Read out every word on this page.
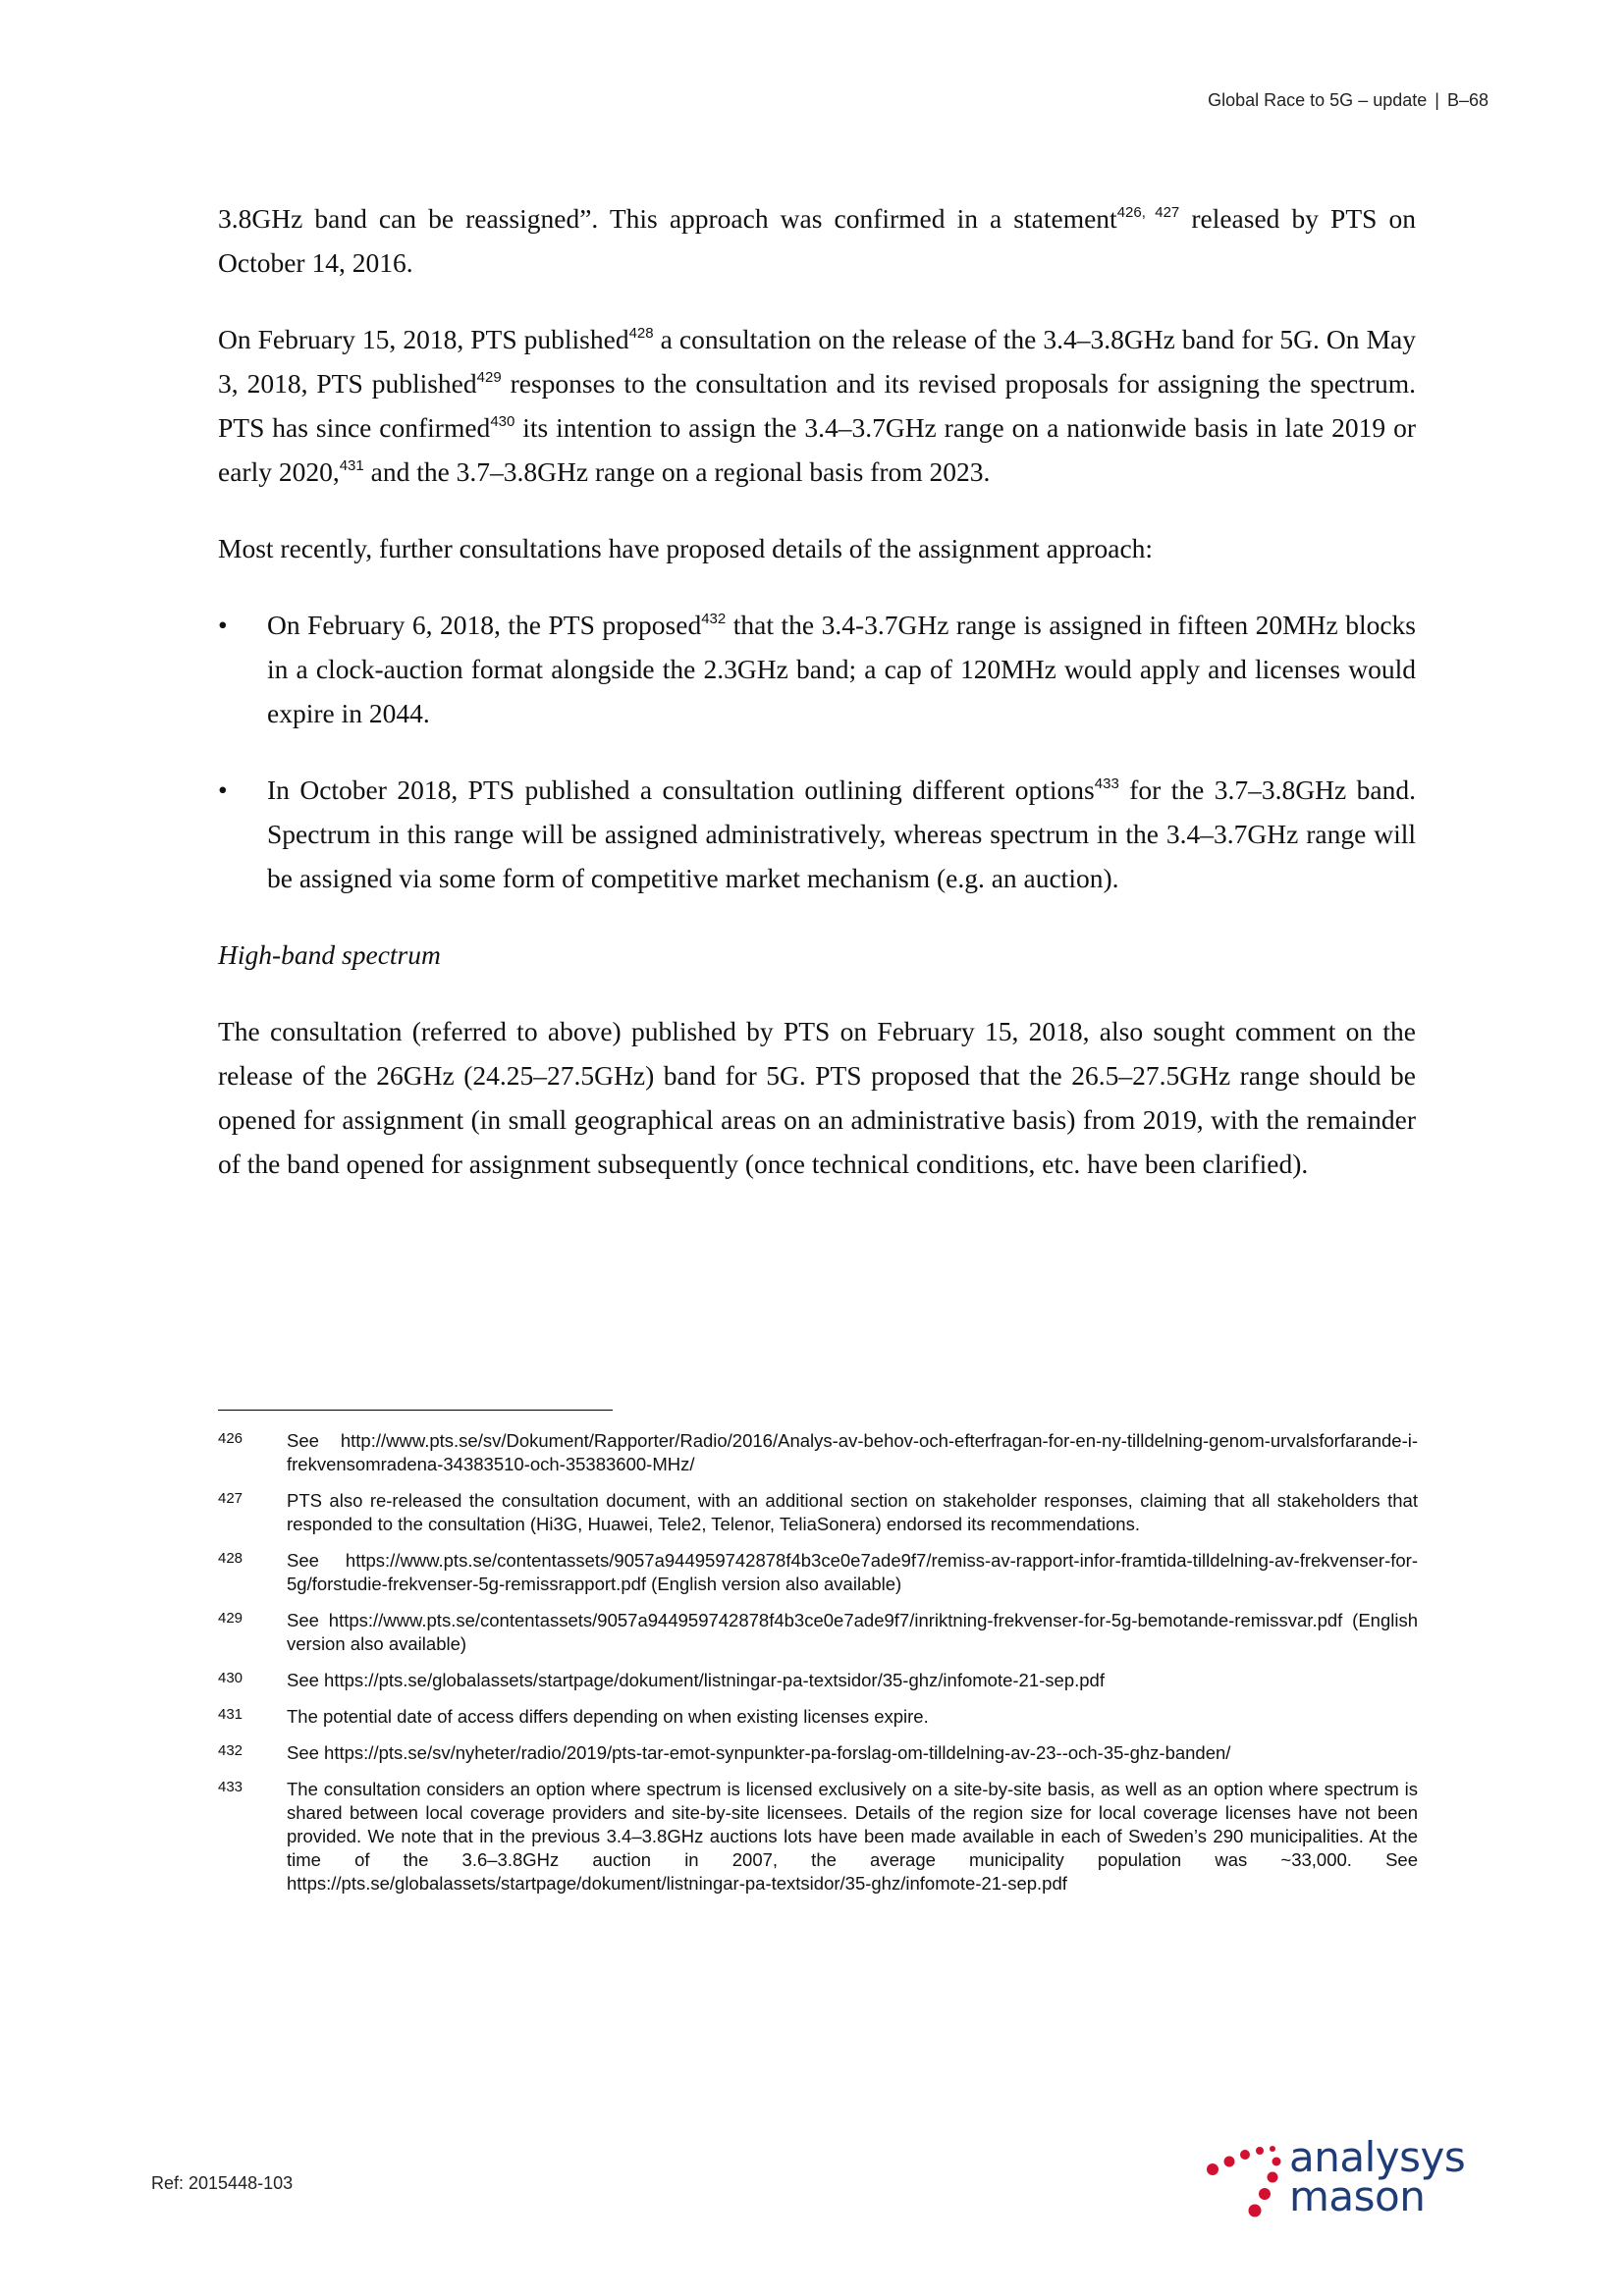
Global Race to 5G – update | B–68

3.8GHz band can be reassigned”. This approach was confirmed in a statement$^{426, 427}$ released by PTS on October 14, 2016.

On February 15, 2018, PTS published$^{428}$ a consultation on the release of the 3.4–3.8GHz band for 5G. On May 3, 2018, PTS published$^{429}$ responses to the consultation and its revised proposals for assigning the spectrum. PTS has since confirmed$^{430}$ its intention to assign the 3.4–3.7GHz range on a nationwide basis in late 2019 or early 2020,$^{431}$ and the 3.7–3.8GHz range on a regional basis from 2023.

Most recently, further consultations have proposed details of the assignment approach:

• On February 6, 2018, the PTS proposed$^{432}$ that the 3.4-3.7GHz range is assigned in fifteen 20MHz blocks in a clock-auction format alongside the 2.3GHz band; a cap of 120MHz would apply and licenses would expire in 2044.
• In October 2018, PTS published a consultation outlining different options$^{433}$ for the 3.7–3.8GHz band. Spectrum in this range will be assigned administratively, whereas spectrum in the 3.4–3.7GHz range will be assigned via some form of competitive market mechanism (e.g. an auction).

High-band spectrum

The consultation (referred to above) published by PTS on February 15, 2018, also sought comment on the release of the 26GHz (24.25–27.5GHz) band for 5G. PTS proposed that the 26.5–27.5GHz range should be opened for assignment (in small geographical areas on an administrative basis) from 2019, with the remainder of the band opened for assignment subsequently (once technical conditions, etc. have been clarified).

426	See http://www.pts.se/sv/Dokument/Rapporter/Radio/2016/Analys-av-behov-och-efterfragan-for-en-ny-tilldelning-genom-urvalsforfarande-i-frekvensomradena-34383510-och-35383600-MHz/
427	PTS also re-released the consultation document, with an additional section on stakeholder responses, claiming that all stakeholders that responded to the consultation (Hi3G, Huawei, Tele2, Telenor, TeliaSonera) endorsed its recommendations.
428	See https://www.pts.se/contentassets/9057a944959742878f4b3ce0e7ade9f7/remiss-av-rapport-infor-framtida-tilldelning-av-frekvenser-for-5g/forstudie-frekvenser-5g-remissrapport.pdf (English version also available)
429	See https://www.pts.se/contentassets/9057a944959742878f4b3ce0e7ade9f7/inriktning-frekvenser-for-5g-bemotande-remissvar.pdf (English version also available)
430	See https://pts.se/globalassets/startpage/dokument/listningar-pa-textsidor/35-ghz/infomote-21-sep.pdf
431	The potential date of access differs depending on when existing licenses expire.
432	See https://pts.se/sv/nyheter/radio/2019/pts-tar-emot-synpunkter-pa-forslag-om-tilldelning-av-23--och-35-ghz-banden/
433	The consultation considers an option where spectrum is licensed exclusively on a site-by-site basis, as well as an option where spectrum is shared between local coverage providers and site-by-site licensees. Details of the region size for local coverage licenses have not been provided. We note that in the previous 3.4–3.8GHz auctions lots have been made available in each of Sweden’s 290 municipalities. At the time of the 3.6–3.8GHz auction in 2007, the average municipality population was ~33,000. See https://pts.se/globalassets/startpage/dokument/listningar-pa-textsidor/35-ghz/infomote-21-sep.pdf
Ref: 2015448-103
analysys
mason
